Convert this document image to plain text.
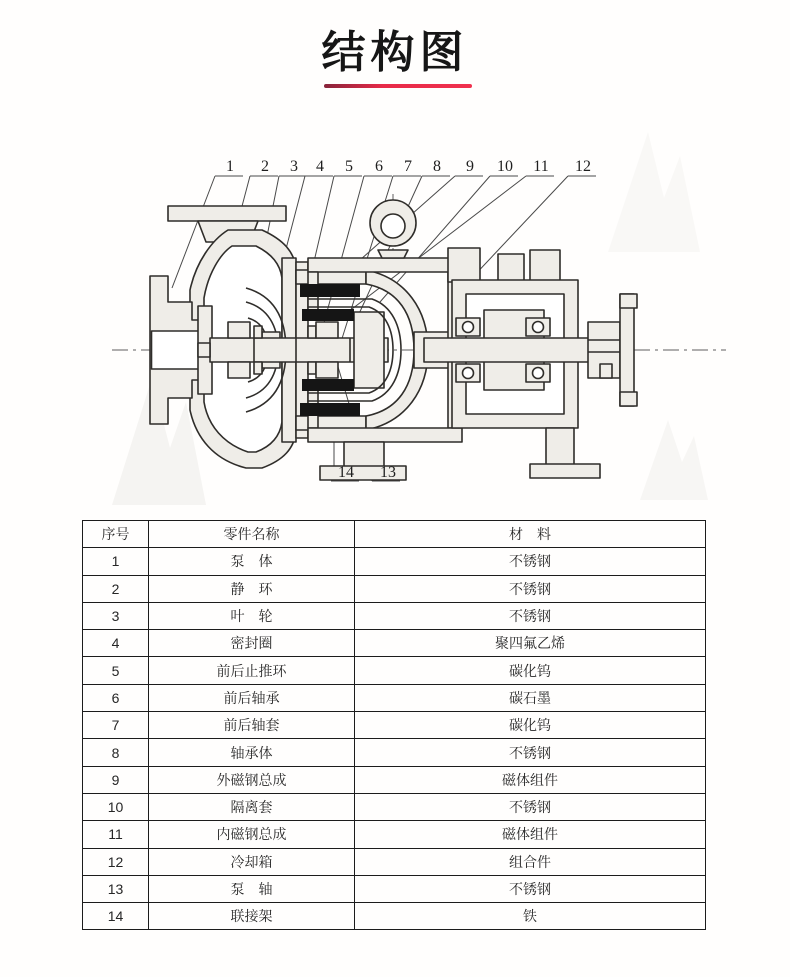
结构图
1 2 3 4 5 6 7 8 9 10 11 12
14 13
序号	零件名称	材　料
1	泵　体	不锈钢
2	静　环	不锈钢
3	叶　轮	不锈钢
4	密封圈	聚四氟乙烯
5	前后止推环	碳化钨
6	前后轴承	碳石墨
7	前后轴套	碳化钨
8	轴承体	不锈钢
9	外磁钢总成	磁体组件
10	隔离套	不锈钢
11	内磁钢总成	磁体组件
12	冷却箱	组合件
13	泵　轴	不锈钢
14	联接架	铁
